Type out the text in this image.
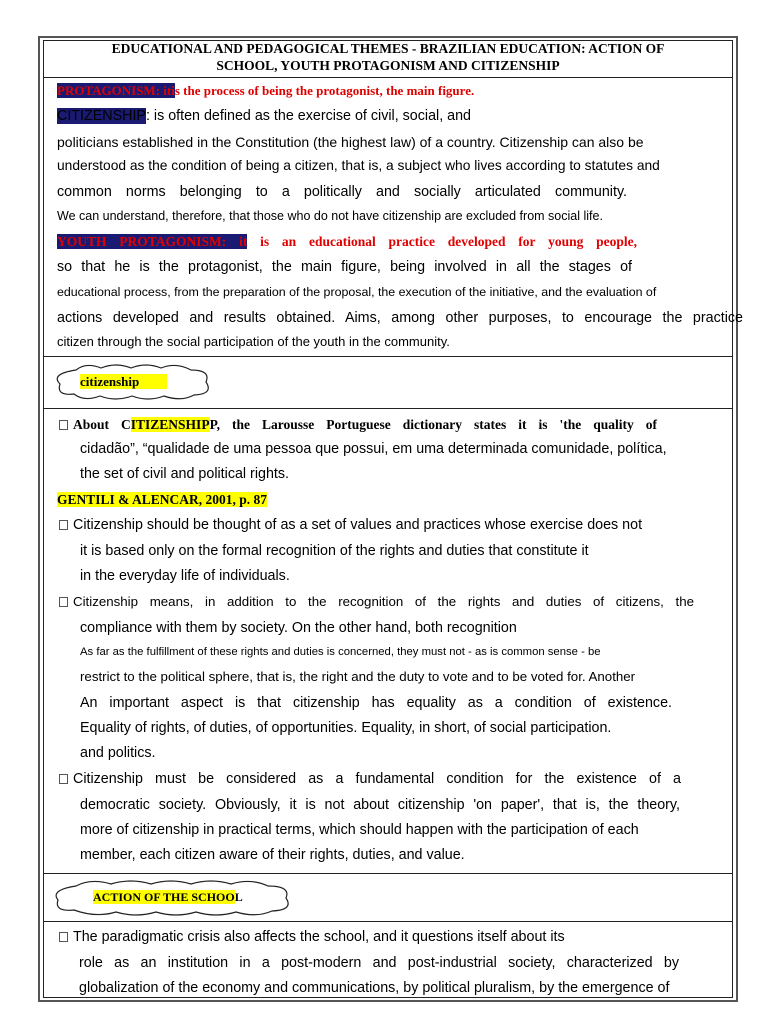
EDUCATIONAL AND PEDAGOGICAL THEMES - BRAZILIAN EDUCATION: ACTION OF
SCHOOL, YOUTH PROTAGONISM AND CITIZENSHIP
PROTAGONISM: itis the process of being the protagonist, the main figure.
CITIZENSHIP: is often defined as the exercise of civil, social, and
politicians established in the Constitution (the highest law) of a country. Citizenship can also be
understood as the condition of being a citizen, that is, a subject who lives according to statutes and
common norms belonging to a politically and socially articulated community.
We can understand, therefore, that those who do not have citizenship are excluded from social life.
YOUTH PROTAGONISM: it is an educational practice developed for young people,
so that he is the protagonist, the main figure, being involved in all the stages of
educational process, from the preparation of the proposal, the execution of the initiative, and the evaluation of
actions developed and results obtained. Aims, among other purposes, to encourage the practice
citizen through the social participation of the youth in the community.
citizenship
About CITIZENSHIPP, the Larousse Portuguese dictionary states it is 'the quality of
cidadão”, “qualidade de uma pessoa que possui, em uma determinada comunidade, política,
the set of civil and political rights.
GENTILI & ALENCAR, 2001, p. 87
Citizenship should be thought of as a set of values and practices whose exercise does not
it is based only on the formal recognition of the rights and duties that constitute it
in the everyday life of individuals.
Citizenship means, in addition to the recognition of the rights and duties of citizens, the
compliance with them by society. On the other hand, both recognition
As far as the fulfillment of these rights and duties is concerned, they must not - as is common sense - be
restrict to the political sphere, that is, the right and the duty to vote and to be voted for. Another
An important aspect is that citizenship has equality as a condition of existence.
Equality of rights, of duties, of opportunities. Equality, in short, of social participation.
and politics.
Citizenship must be considered as a fundamental condition for the existence of a
democratic society. Obviously, it is not about citizenship 'on paper', that is, the theory,
more of citizenship in practical terms, which should happen with the participation of each
member, each citizen aware of their rights, duties, and value.
ACTION OF THE SCHOOL
The paradigmatic crisis also affects the school, and it questions itself about its
role as an institution in a post-modern and post-industrial society, characterized by
globalization of the economy and communications, by political pluralism, by the emergence of
